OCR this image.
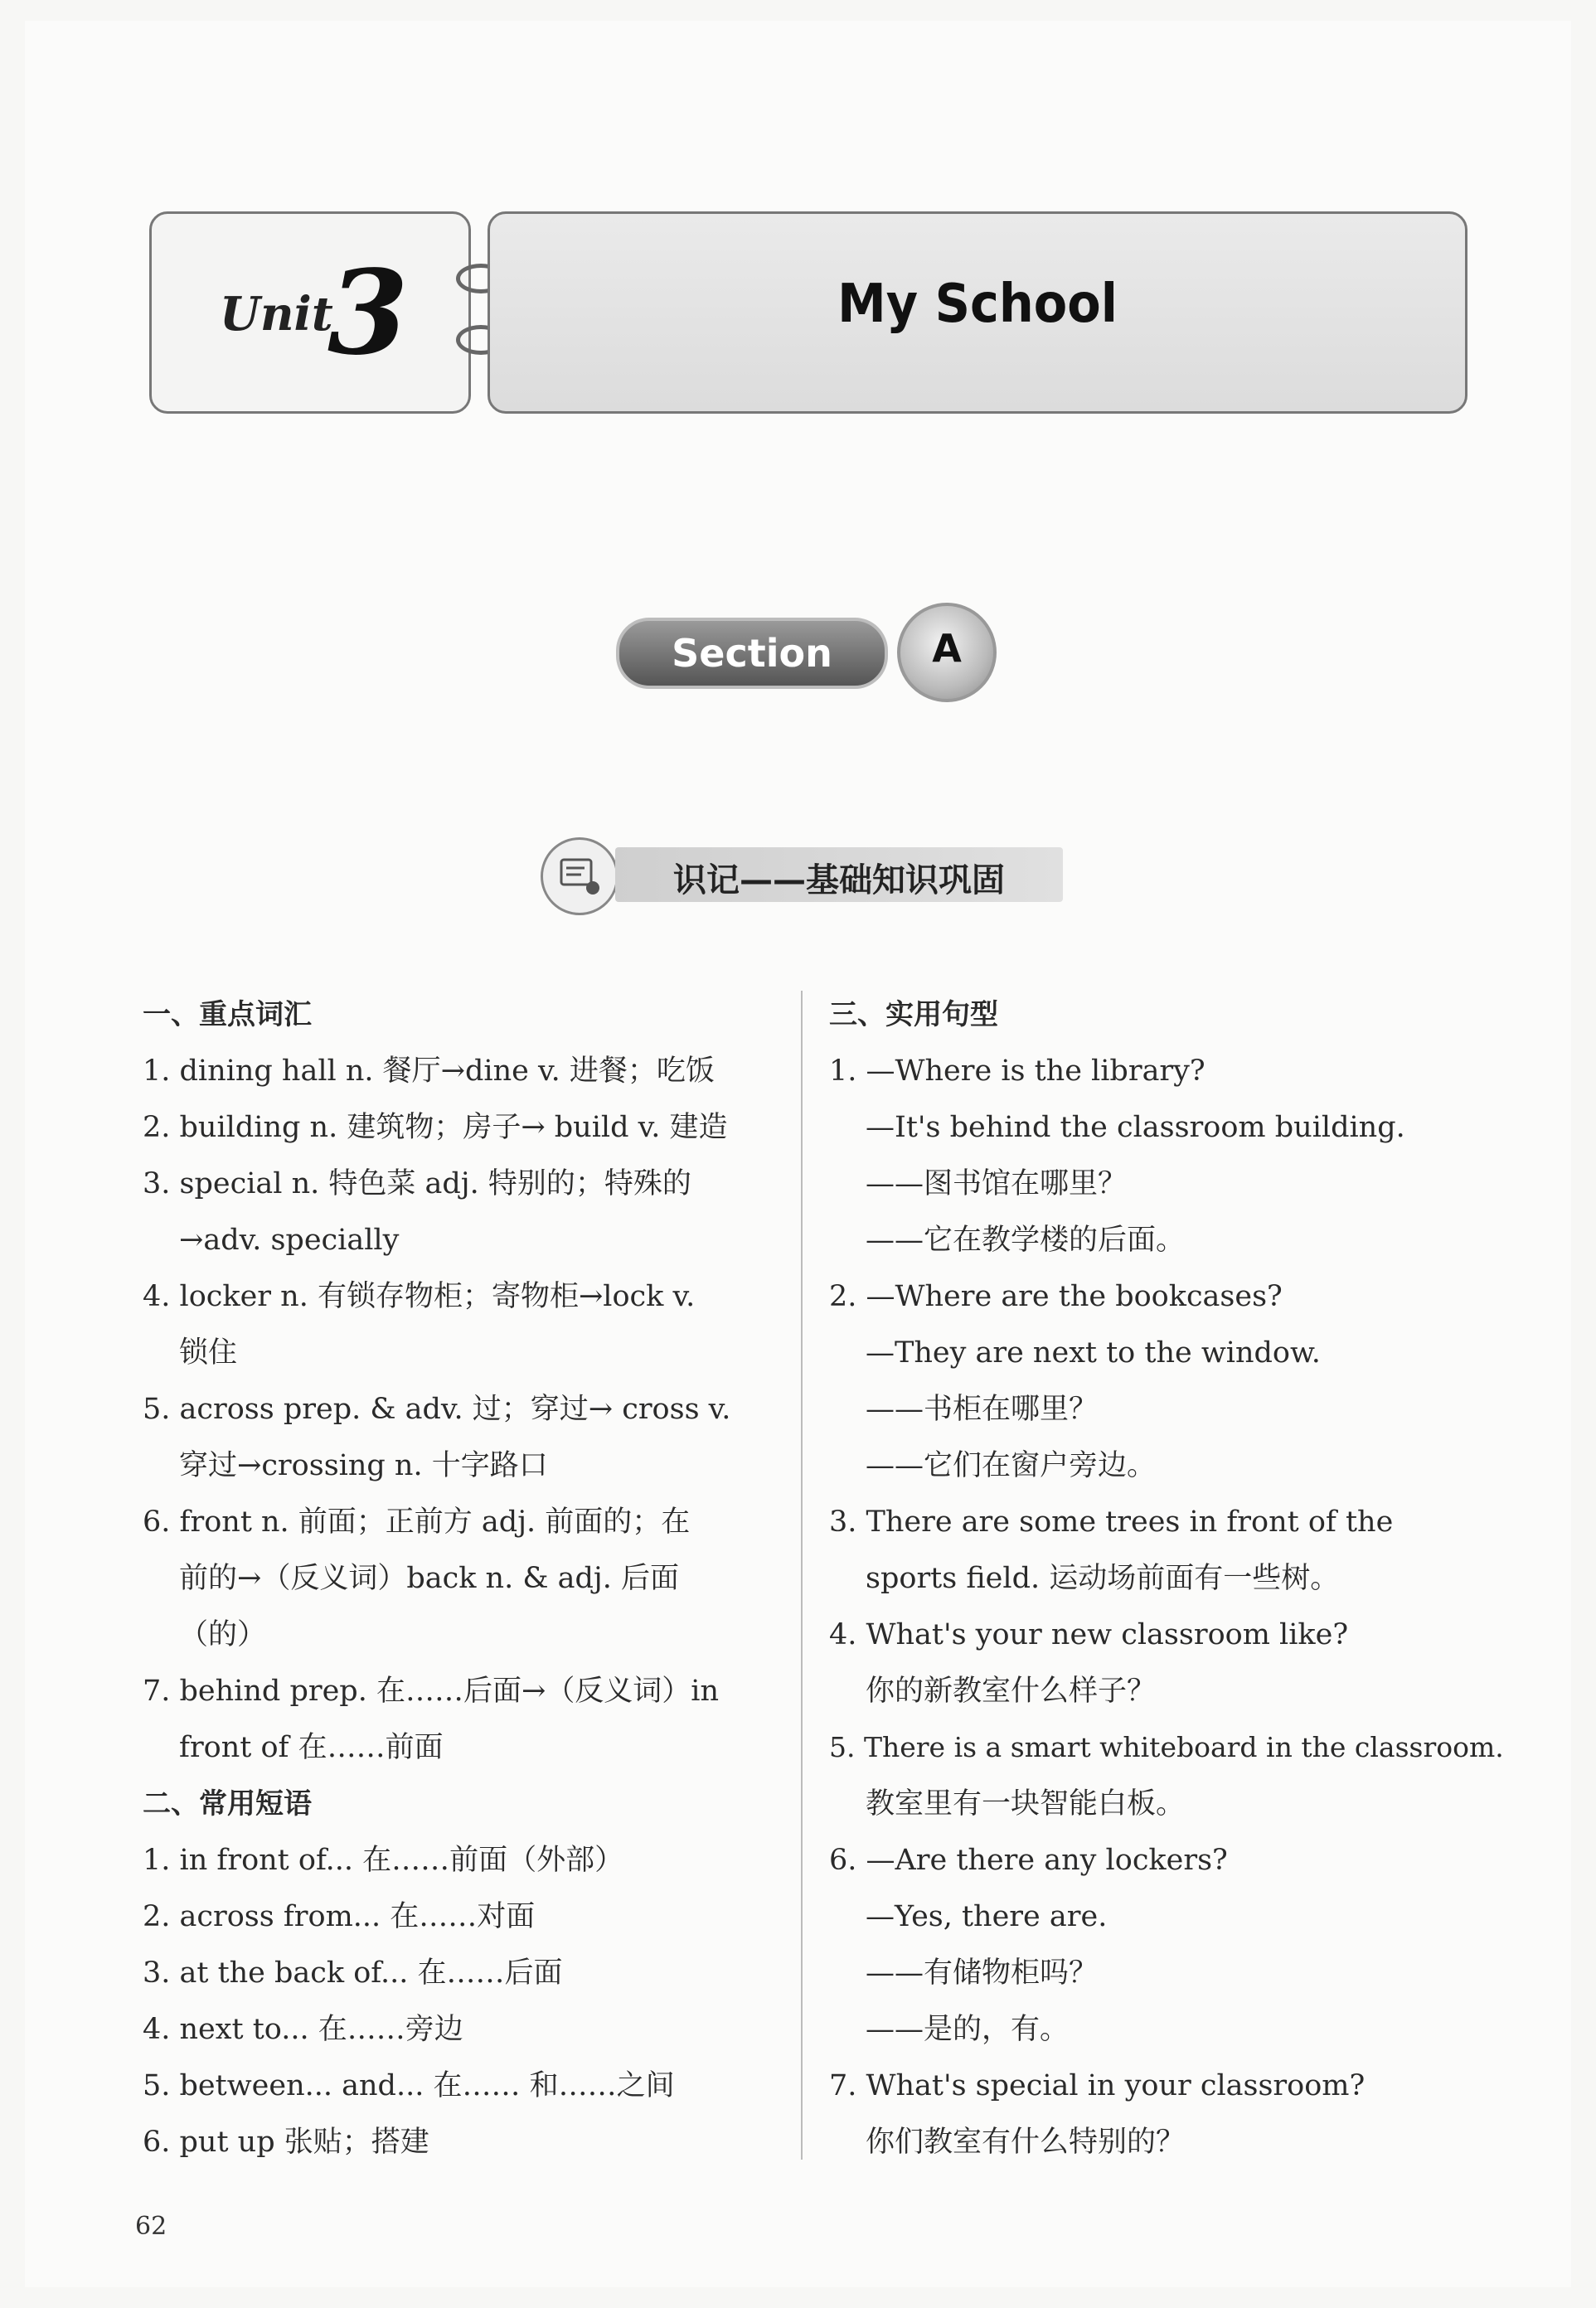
Unit
3	My School
Section	A
识记——基础知识巩固
一、重点词汇
1. dining hall n. 餐厅→dine v. 进餐；吃饭
2. building n. 建筑物；房子→ build v. 建造
3. special n. 特色菜 adj. 特别的；特殊的
→adv. specially
4. locker n. 有锁存物柜；寄物柜→lock v.
锁住
5. across prep. & adv. 过；穿过→ cross v.
穿过→crossing n. 十字路口
6. front n. 前面；正前方 adj. 前面的；在
前的→（反义词）back n. & adj. 后面
（的）
7. behind prep. 在……后面→（反义词）in
front of 在……前面
二、常用短语
1. in front of... 在……前面（外部）
2. across from... 在……对面
3. at the back of... 在……后面
4. next to... 在……旁边
5. between... and... 在…… 和……之间
6. put up 张贴；搭建
三、实用句型
1. —Where is the library?
—It's behind the classroom building.
——图书馆在哪里？
——它在教学楼的后面。
2. —Where are the bookcases?
—They are next to the window.
——书柜在哪里？
——它们在窗户旁边。
3. There are some trees in front of the
sports field. 运动场前面有一些树。
4. What's your new classroom like?
你的新教室什么样子？
5. There is a smart whiteboard in the classroom.
教室里有一块智能白板。
6. —Are there any lockers?
—Yes, there are.
——有储物柜吗？
——是的，有。
7. What's special in your classroom?
你们教室有什么特别的？
62
